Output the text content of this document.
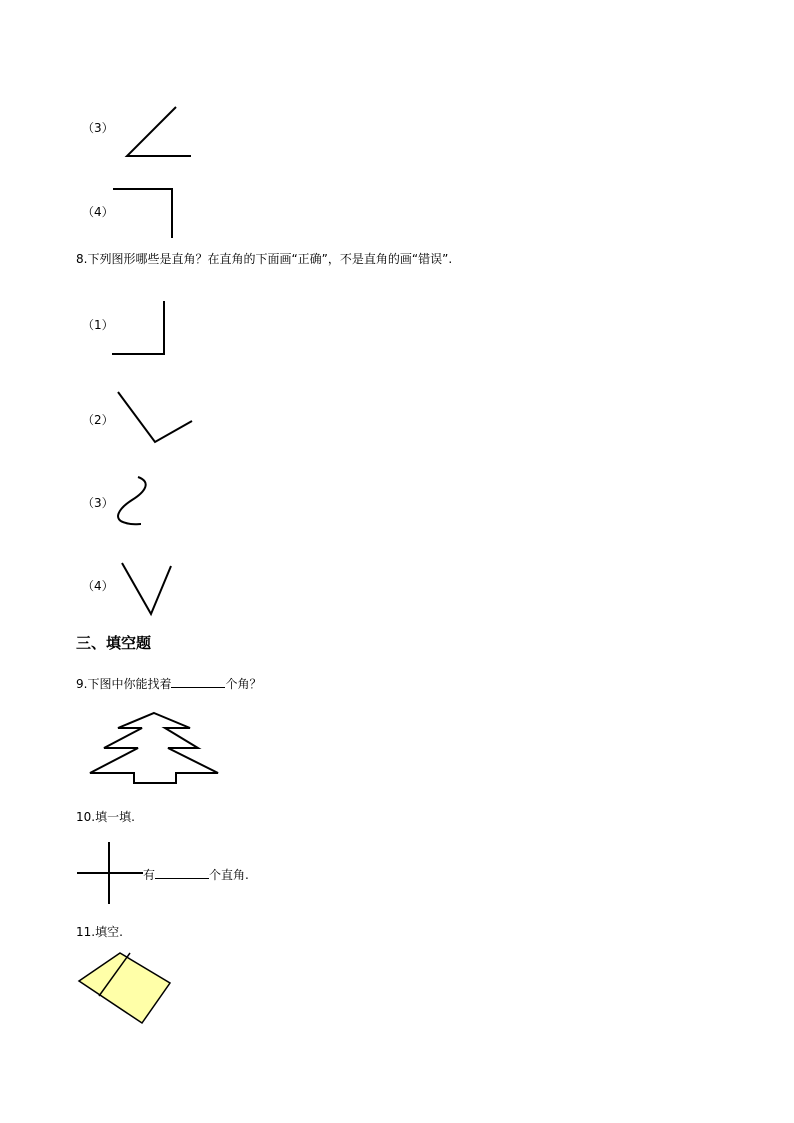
（3）
（4）
8.下列图形哪些是直角？在直角的下面画“正确”，不是直角的画“错误”.
（1）
（2）
（3）
（4）
三、填空题
9.下图中你能找着	个角？
10.填一填.
有	个直角.
11.填空.
